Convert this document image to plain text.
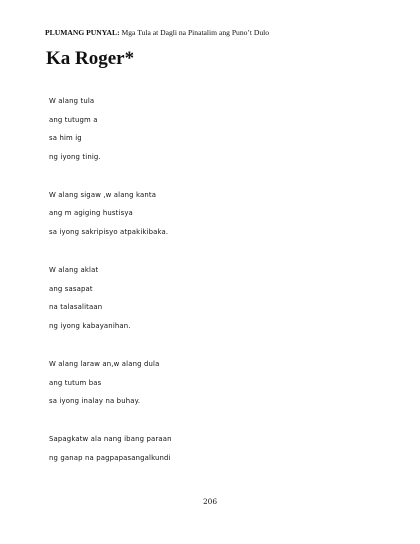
PLUMANG PUNYAL: Mga Tula at Dagli na Pinatalim ang Puno’t Dulo
Ka Roger*
W alang tula
ang tutugm a
sa him ig
ng iyong tinig.
W alang sigaw ,w alang kanta
ang m agiging hustisya
sa iyong sakripisyo atpakikibaka.
W alang aklat
ang sasapat
na talasalitaan
ng iyong kabayanihan.
W alang laraw an,w alang dula
ang tutum bas
sa iyong inalay na buhay.
Sapagkatw ala nang ibang paraan
ng ganap na pagpapasangalkundi
206
